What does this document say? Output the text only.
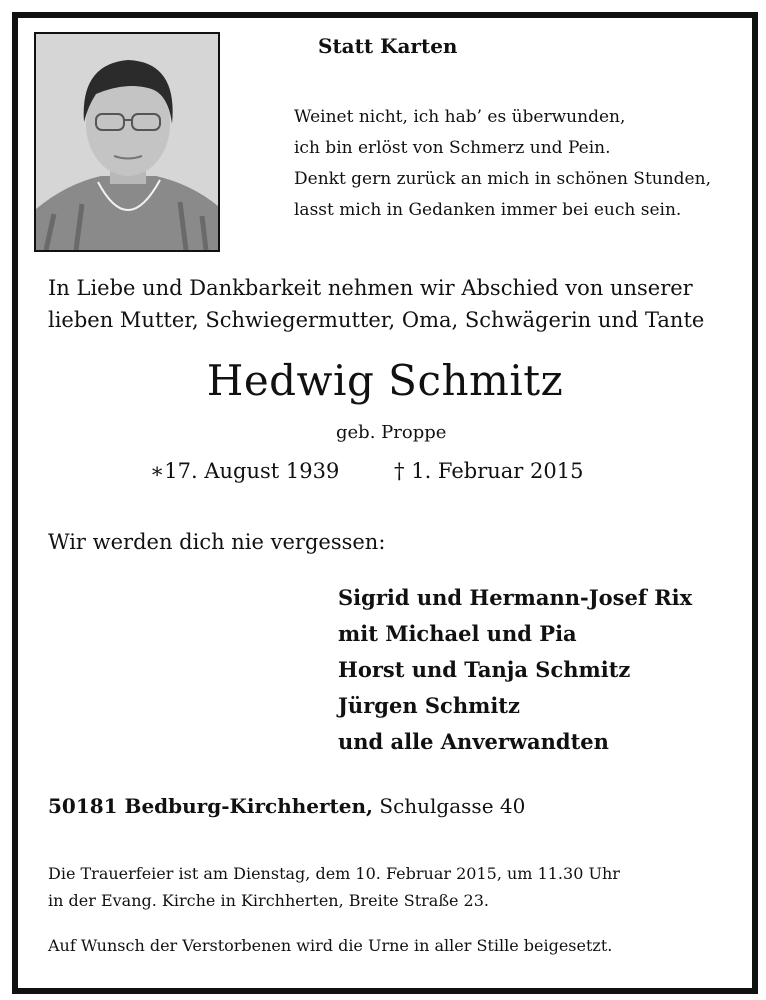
Statt Karten
Weinet nicht, ich hab’ es überwunden,
ich bin erlöst von Schmerz und Pein.
Denkt gern zurück an mich in schönen Stunden,
lasst mich in Gedanken immer bei euch sein.
In Liebe und Dankbarkeit nehmen wir Abschied von unserer
lieben Mutter, Schwiegermutter, Oma, Schwägerin und Tante
Hedwig Schmitz
geb. Proppe
∗17. August 1939	† 1. Februar 2015
Wir werden dich nie vergessen:
Sigrid und Hermann-Josef Rix
mit Michael und Pia
Horst und Tanja Schmitz
Jürgen Schmitz
und alle Anverwandten
50181 Bedburg-Kirchherten, Schulgasse 40
Die Trauerfeier ist am Dienstag, dem 10. Februar 2015, um 11.30 Uhr
in der Evang. Kirche in Kirchherten, Breite Straße 23.
Auf Wunsch der Verstorbenen wird die Urne in aller Stille beigesetzt.
